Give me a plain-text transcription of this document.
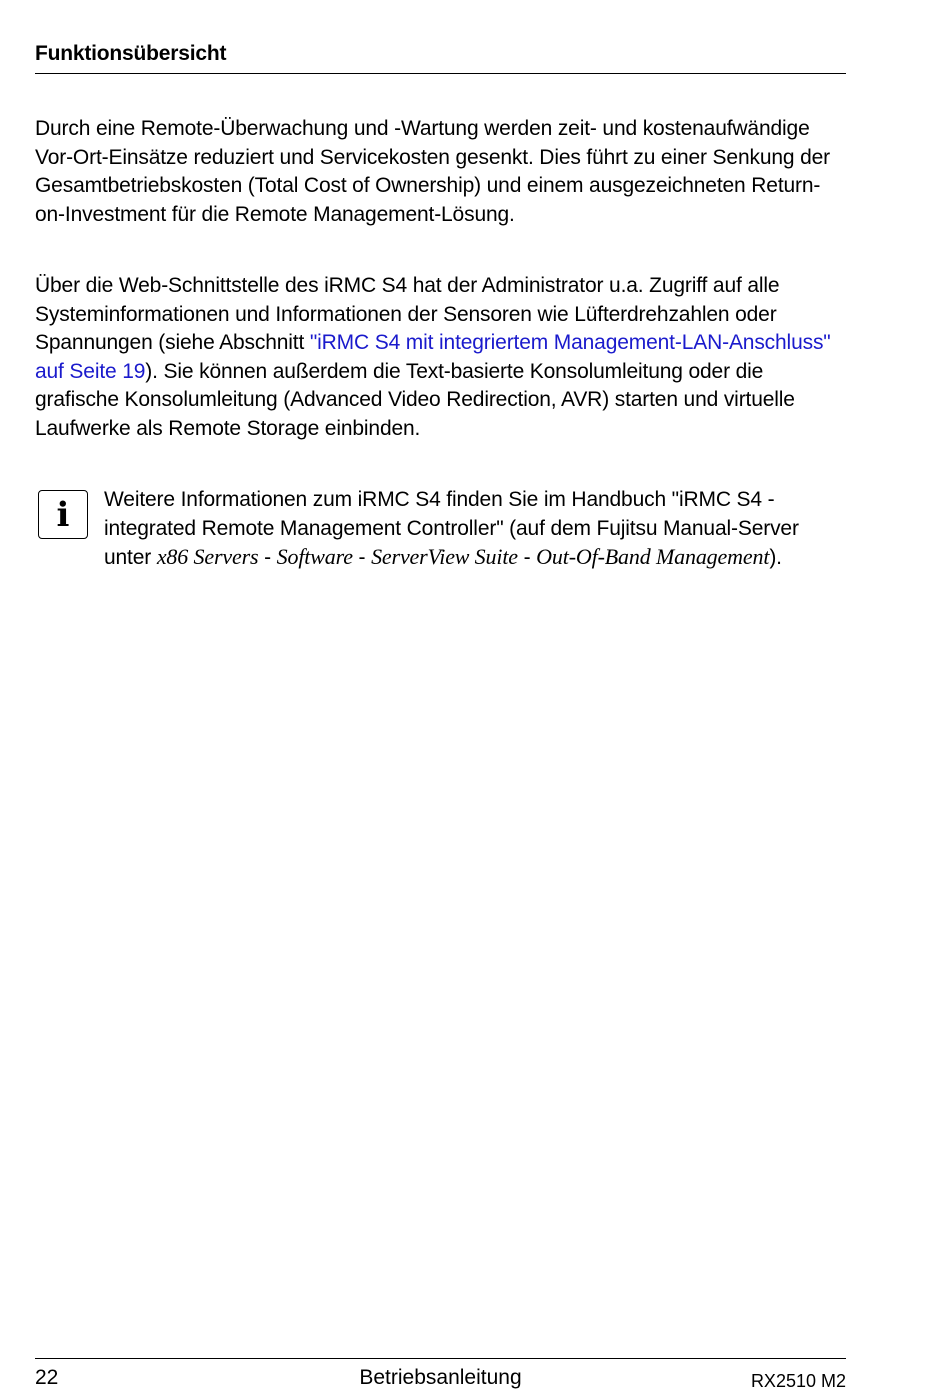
Funktionsübersicht

Durch eine Remote-Überwachung und -Wartung werden zeit- und kostenaufwändige Vor-Ort-Einsätze reduziert und Servicekosten gesenkt. Dies führt zu einer Senkung der Gesamtbetriebskosten (Total Cost of Ownership) und einem ausgezeichneten Return-on-Investment für die Remote Management-Lösung.

Über die Web-Schnittstelle des iRMC S4 hat der Administrator u.a. Zugriff auf alle Systeminformationen und Informationen der Sensoren wie Lüfterdrehzahlen oder Spannungen (siehe Abschnitt "iRMC S4 mit integriertem Management-LAN-Anschluss" auf Seite 19). Sie können außerdem die Text-basierte Konsolumleitung oder die grafische Konsolumleitung (Advanced Video Redirection, AVR) starten und virtuelle Laufwerke als Remote Storage einbinden.

i	Weitere Informationen zum iRMC S4 finden Sie im Handbuch "iRMC S4 - integrated Remote Management Controller" (auf dem Fujitsu Manual-Server unter x86 Servers - Software - ServerView Suite - Out-Of-Band Management).
22	Betriebsanleitung	RX2510 M2
